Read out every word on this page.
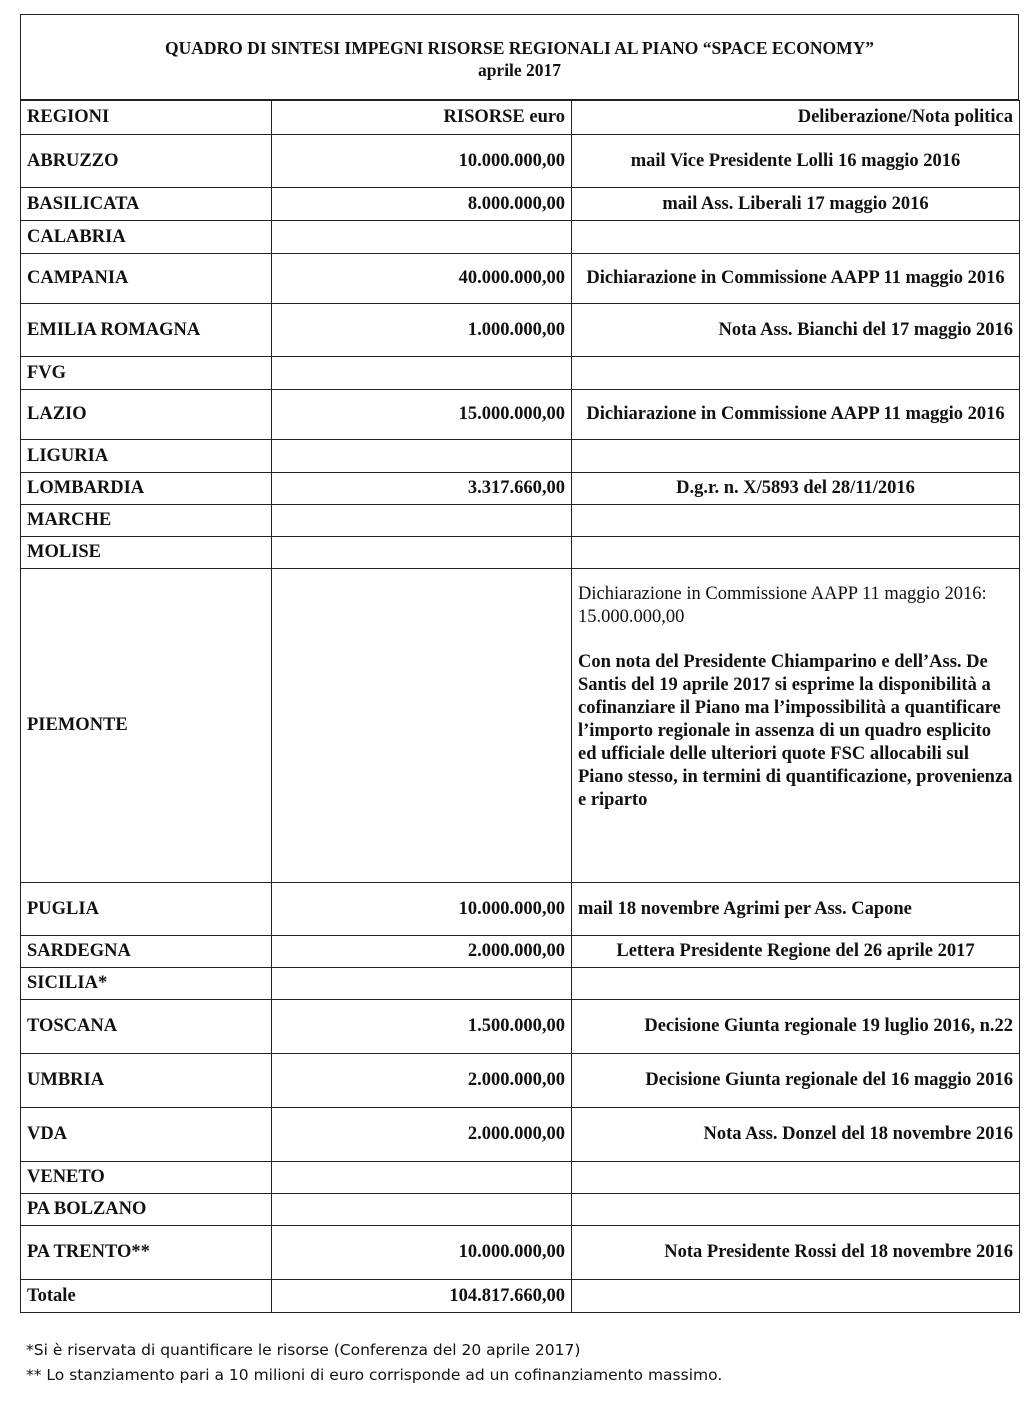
QUADRO DI SINTESI IMPEGNI RISORSE REGIONALI AL PIANO “SPACE ECONOMY”
aprile 2017
REGIONI	RISORSE euro	Deliberazione/Nota politica
ABRUZZO	10.000.000,00	mail Vice Presidente Lolli 16 maggio 2016
BASILICATA	8.000.000,00	mail Ass. Liberali 17 maggio 2016
CALABRIA		
CAMPANIA	40.000.000,00	Dichiarazione in Commissione AAPP 11 maggio 2016
EMILIA ROMAGNA	1.000.000,00	Nota Ass. Bianchi del 17 maggio 2016
FVG		
LAZIO	15.000.000,00	Dichiarazione in Commissione AAPP 11 maggio 2016
LIGURIA		
LOMBARDIA	3.317.660,00	D.g.r. n. X/5893 del 28/11/2016
MARCHE		
MOLISE		
PIEMONTE		Dichiarazione in Commissione AAPP 11 maggio 2016: 15.000.000,00
Con nota del Presidente Chiamparino e dell’Ass. De Santis del 19 aprile 2017 si esprime la disponibilità a cofinanziare il Piano ma l’impossibilità a quantificare l’importo regionale in assenza di un quadro esplicito ed ufficiale delle ulteriori quote FSC allocabili sul Piano stesso, in termini di quantificazione, provenienza e riparto

PUGLIA	10.000.000,00	mail 18 novembre Agrimi per Ass. Capone
SARDEGNA	2.000.000,00	Lettera Presidente Regione del 26 aprile 2017
SICILIA*		
TOSCANA	1.500.000,00	Decisione Giunta regionale 19 luglio 2016, n.22
UMBRIA	2.000.000,00	Decisione Giunta regionale del 16 maggio 2016
VDA	2.000.000,00	Nota Ass. Donzel del 18 novembre 2016
VENETO		
PA BOLZANO		
PA TRENTO**	10.000.000,00	Nota Presidente Rossi del 18 novembre 2016
Totale	104.817.660,00	
*Si è riservata di quantificare le risorse (Conferenza del 20 aprile 2017)
** Lo stanziamento pari a 10 milioni di euro corrisponde ad un cofinanziamento massimo.
